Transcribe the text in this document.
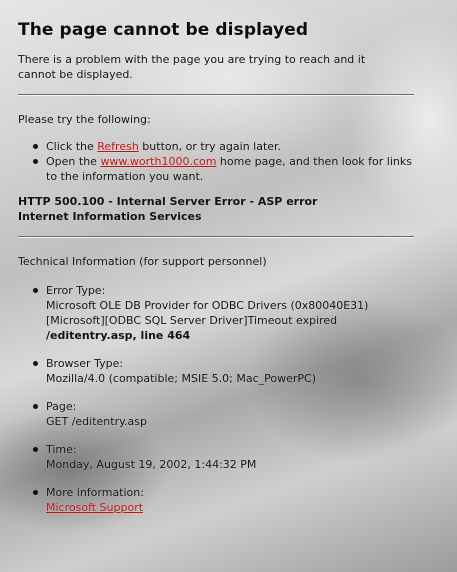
The page cannot be displayed

There is a problem with the page you are trying to reach and it cannot be displayed.

Please try the following:

Click the Refresh button, or try again later.
Open the www.worth1000.com home page, and then look for links to the information you want.
HTTP 500.100 - Internal Server Error - ASP error
Internet Information Services

Technical Information (for support personnel)

Error Type:
Microsoft OLE DB Provider for ODBC Drivers (0x80040E31)
[Microsoft][ODBC SQL Server Driver]Timeout expired
/editentry.asp, line 464
Browser Type:
Mozilla/4.0 (compatible; MSIE 5.0; Mac_PowerPC)
Page:
GET /editentry.asp
Time:
Monday, August 19, 2002, 1:44:32 PM
More information:
Microsoft Support
